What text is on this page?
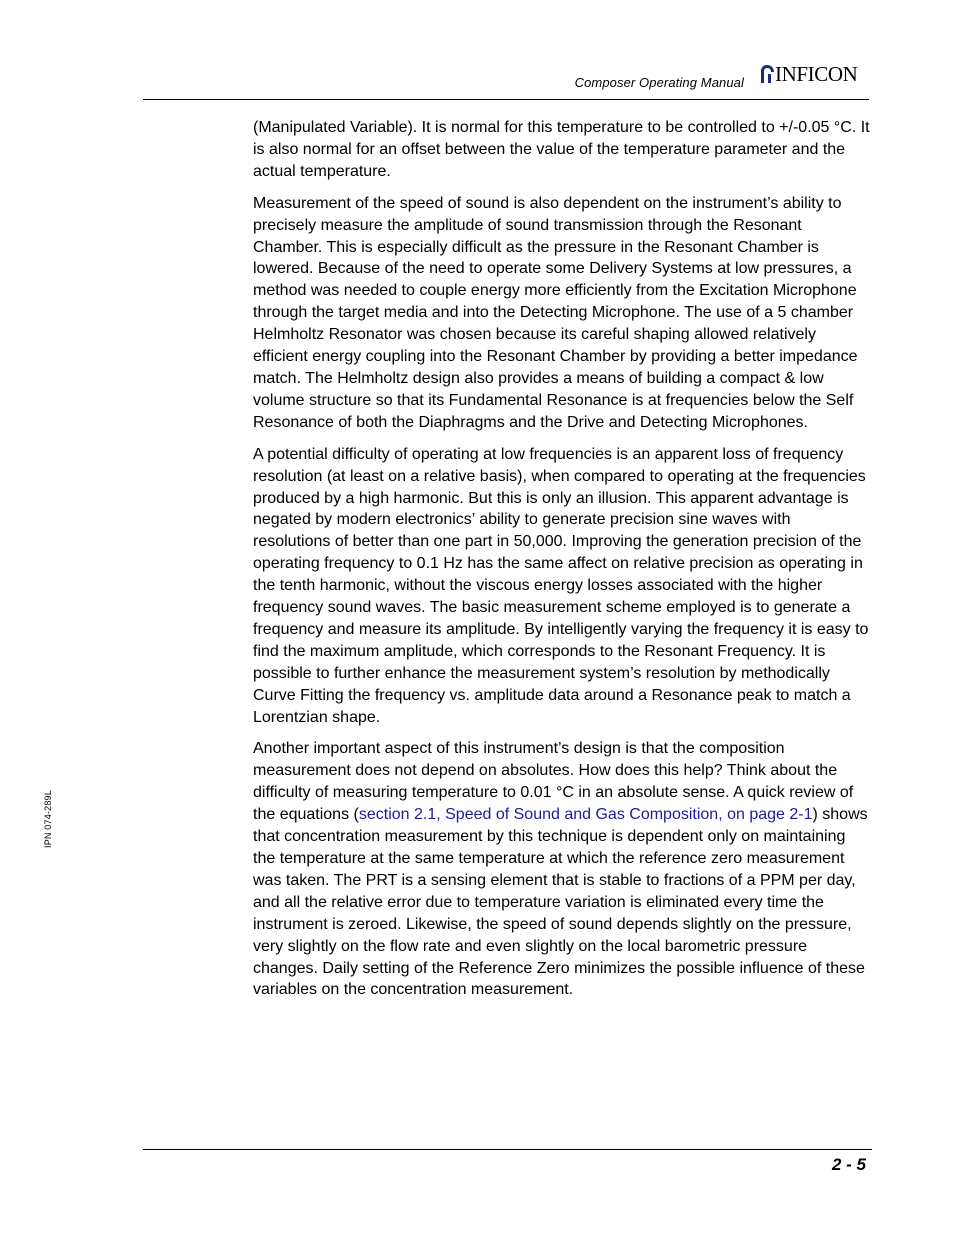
Composer Operating Manual INFICON
IPN 074-289L

(Manipulated Variable). It is normal for this temperature to be controlled to +/-0.05 °C. It is also normal for an offset between the value of the temperature parameter and the actual temperature.

Measurement of the speed of sound is also dependent on the instrument’s ability to precisely measure the amplitude of sound transmission through the Resonant Chamber. This is especially difficult as the pressure in the Resonant Chamber is lowered. Because of the need to operate some Delivery Systems at low pressures, a method was needed to couple energy more efficiently from the Excitation Microphone through the target media and into the Detecting Microphone. The use of a 5 chamber Helmholtz Resonator was chosen because its careful shaping allowed relatively efficient energy coupling into the Resonant Chamber by providing a better impedance match. The Helmholtz design also provides a means of building a compact & low volume structure so that its Fundamental Resonance is at frequencies below the Self Resonance of both the Diaphragms and the Drive and Detecting Microphones.

A potential difficulty of operating at low frequencies is an apparent loss of frequency resolution (at least on a relative basis), when compared to operating at the frequencies produced by a high harmonic. But this is only an illusion. This apparent advantage is negated by modern electronics’ ability to generate precision sine waves with resolutions of better than one part in 50,000. Improving the generation precision of the operating frequency to 0.1 Hz has the same affect on relative precision as operating in the tenth harmonic, without the viscous energy losses associated with the higher frequency sound waves. The basic measurement scheme employed is to generate a frequency and measure its amplitude. By intelligently varying the frequency it is easy to find the maximum amplitude, which corresponds to the Resonant Frequency. It is possible to further enhance the measurement system’s resolution by methodically Curve Fitting the frequency vs. amplitude data around a Resonance peak to match a Lorentzian shape.

Another important aspect of this instrument’s design is that the composition measurement does not depend on absolutes. How does this help? Think about the difficulty of measuring temperature to 0.01 °C in an absolute sense. A quick review of the equations (section 2.1, Speed of Sound and Gas Composition, on page 2-1) shows that concentration measurement by this technique is dependent only on maintaining the temperature at the same temperature at which the reference zero measurement was taken. The PRT is a sensing element that is stable to fractions of a PPM per day, and all the relative error due to temperature variation is eliminated every time the instrument is zeroed. Likewise, the speed of sound depends slightly on the pressure, very slightly on the flow rate and even slightly on the local barometric pressure changes. Daily setting of the Reference Zero minimizes the possible influence of these variables on the concentration measurement.

2 - 5
